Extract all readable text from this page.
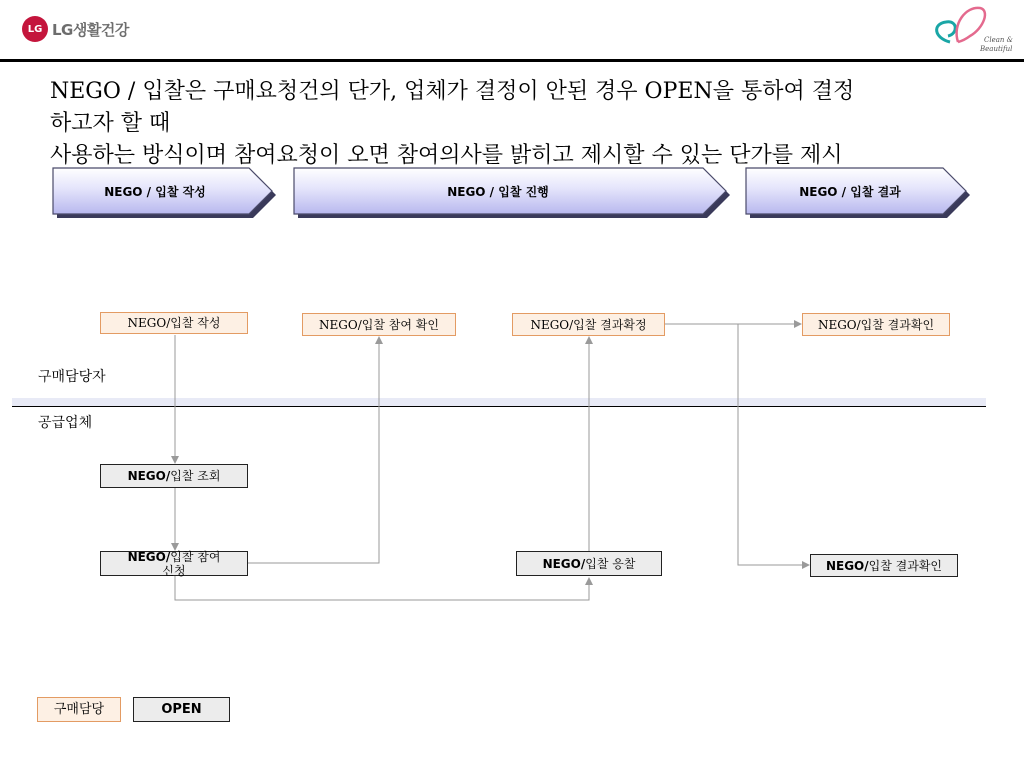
LG LG생활건강
Clean &
Beautiful
NEGO / 입찰은 구매요청건의 단가, 업체가 결정이 안된 경우 OPEN을 통하여 결정
하고자 할 때
사용하는 방식이며 참여요청이 오면 참여의사를 밝히고 제시할 수 있는 단가를 제시
NEGO / 입찰 작성	NEGO / 입찰 진행	NEGO / 입찰 결과
구매담당자
공급업체
NEGO/입찰 작성	NEGO/입찰 참여 확인	NEGO/입찰 결과확정	NEGO/입찰 결과확인
NEGO/입찰 조회
NEGO/입찰 참여
신청	NEGO/입찰 응찰	NEGO/입찰 결과확인
구매담당	OPEN
